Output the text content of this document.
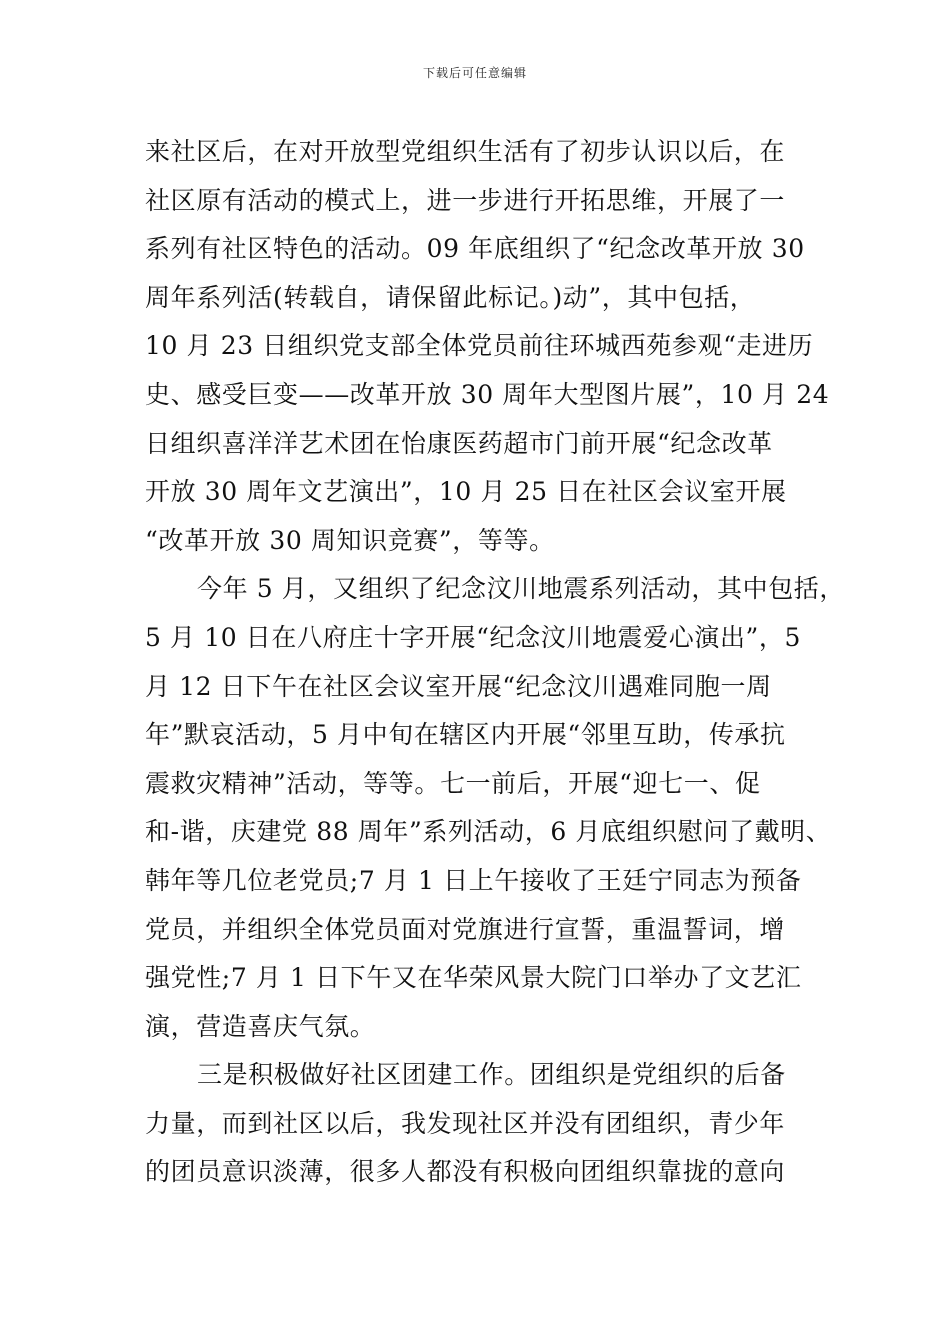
下载后可任意编辑
来社区后，在对开放型党组织生活有了初步认识以后，在
社区原有活动的模式上，进一步进行开拓思维，开展了一
系列有社区特色的活动。09 年底组织了“纪念改革开放 30
周年系列活(转载自，请保留此标记。)动”，其中包括，
10 月 23 日组织党支部全体党员前往环城西苑参观“走进历
史、感受巨变——改革开放 30 周年大型图片展”，10 月 24
日组织喜洋洋艺术团在怡康医药超市门前开展“纪念改革
开放 30 周年文艺演出”，10 月 25 日在社区会议室开展
“改革开放 30 周知识竞赛”，等等。
今年 5 月，又组织了纪念汶川地震系列活动，其中包括，
5 月 10 日在八府庄十字开展“纪念汶川地震爱心演出”，5
月 12 日下午在社区会议室开展“纪念汶川遇难同胞一周
年”默哀活动，5 月中旬在辖区内开展“邻里互助，传承抗
震救灾精神”活动，等等。七一前后，开展“迎七一、促
和-谐，庆建党 88 周年”系列活动，6 月底组织慰问了戴明、
韩年等几位老党员;7 月 1 日上午接收了王廷宁同志为预备
党员，并组织全体党员面对党旗进行宣誓，重温誓词，增
强党性;7 月 1 日下午又在华荣风景大院门口举办了文艺汇
演，营造喜庆气氛。
三是积极做好社区团建工作。团组织是党组织的后备
力量，而到社区以后，我发现社区并没有团组织，青少年
的团员意识淡薄，很多人都没有积极向团组织靠拢的意向
